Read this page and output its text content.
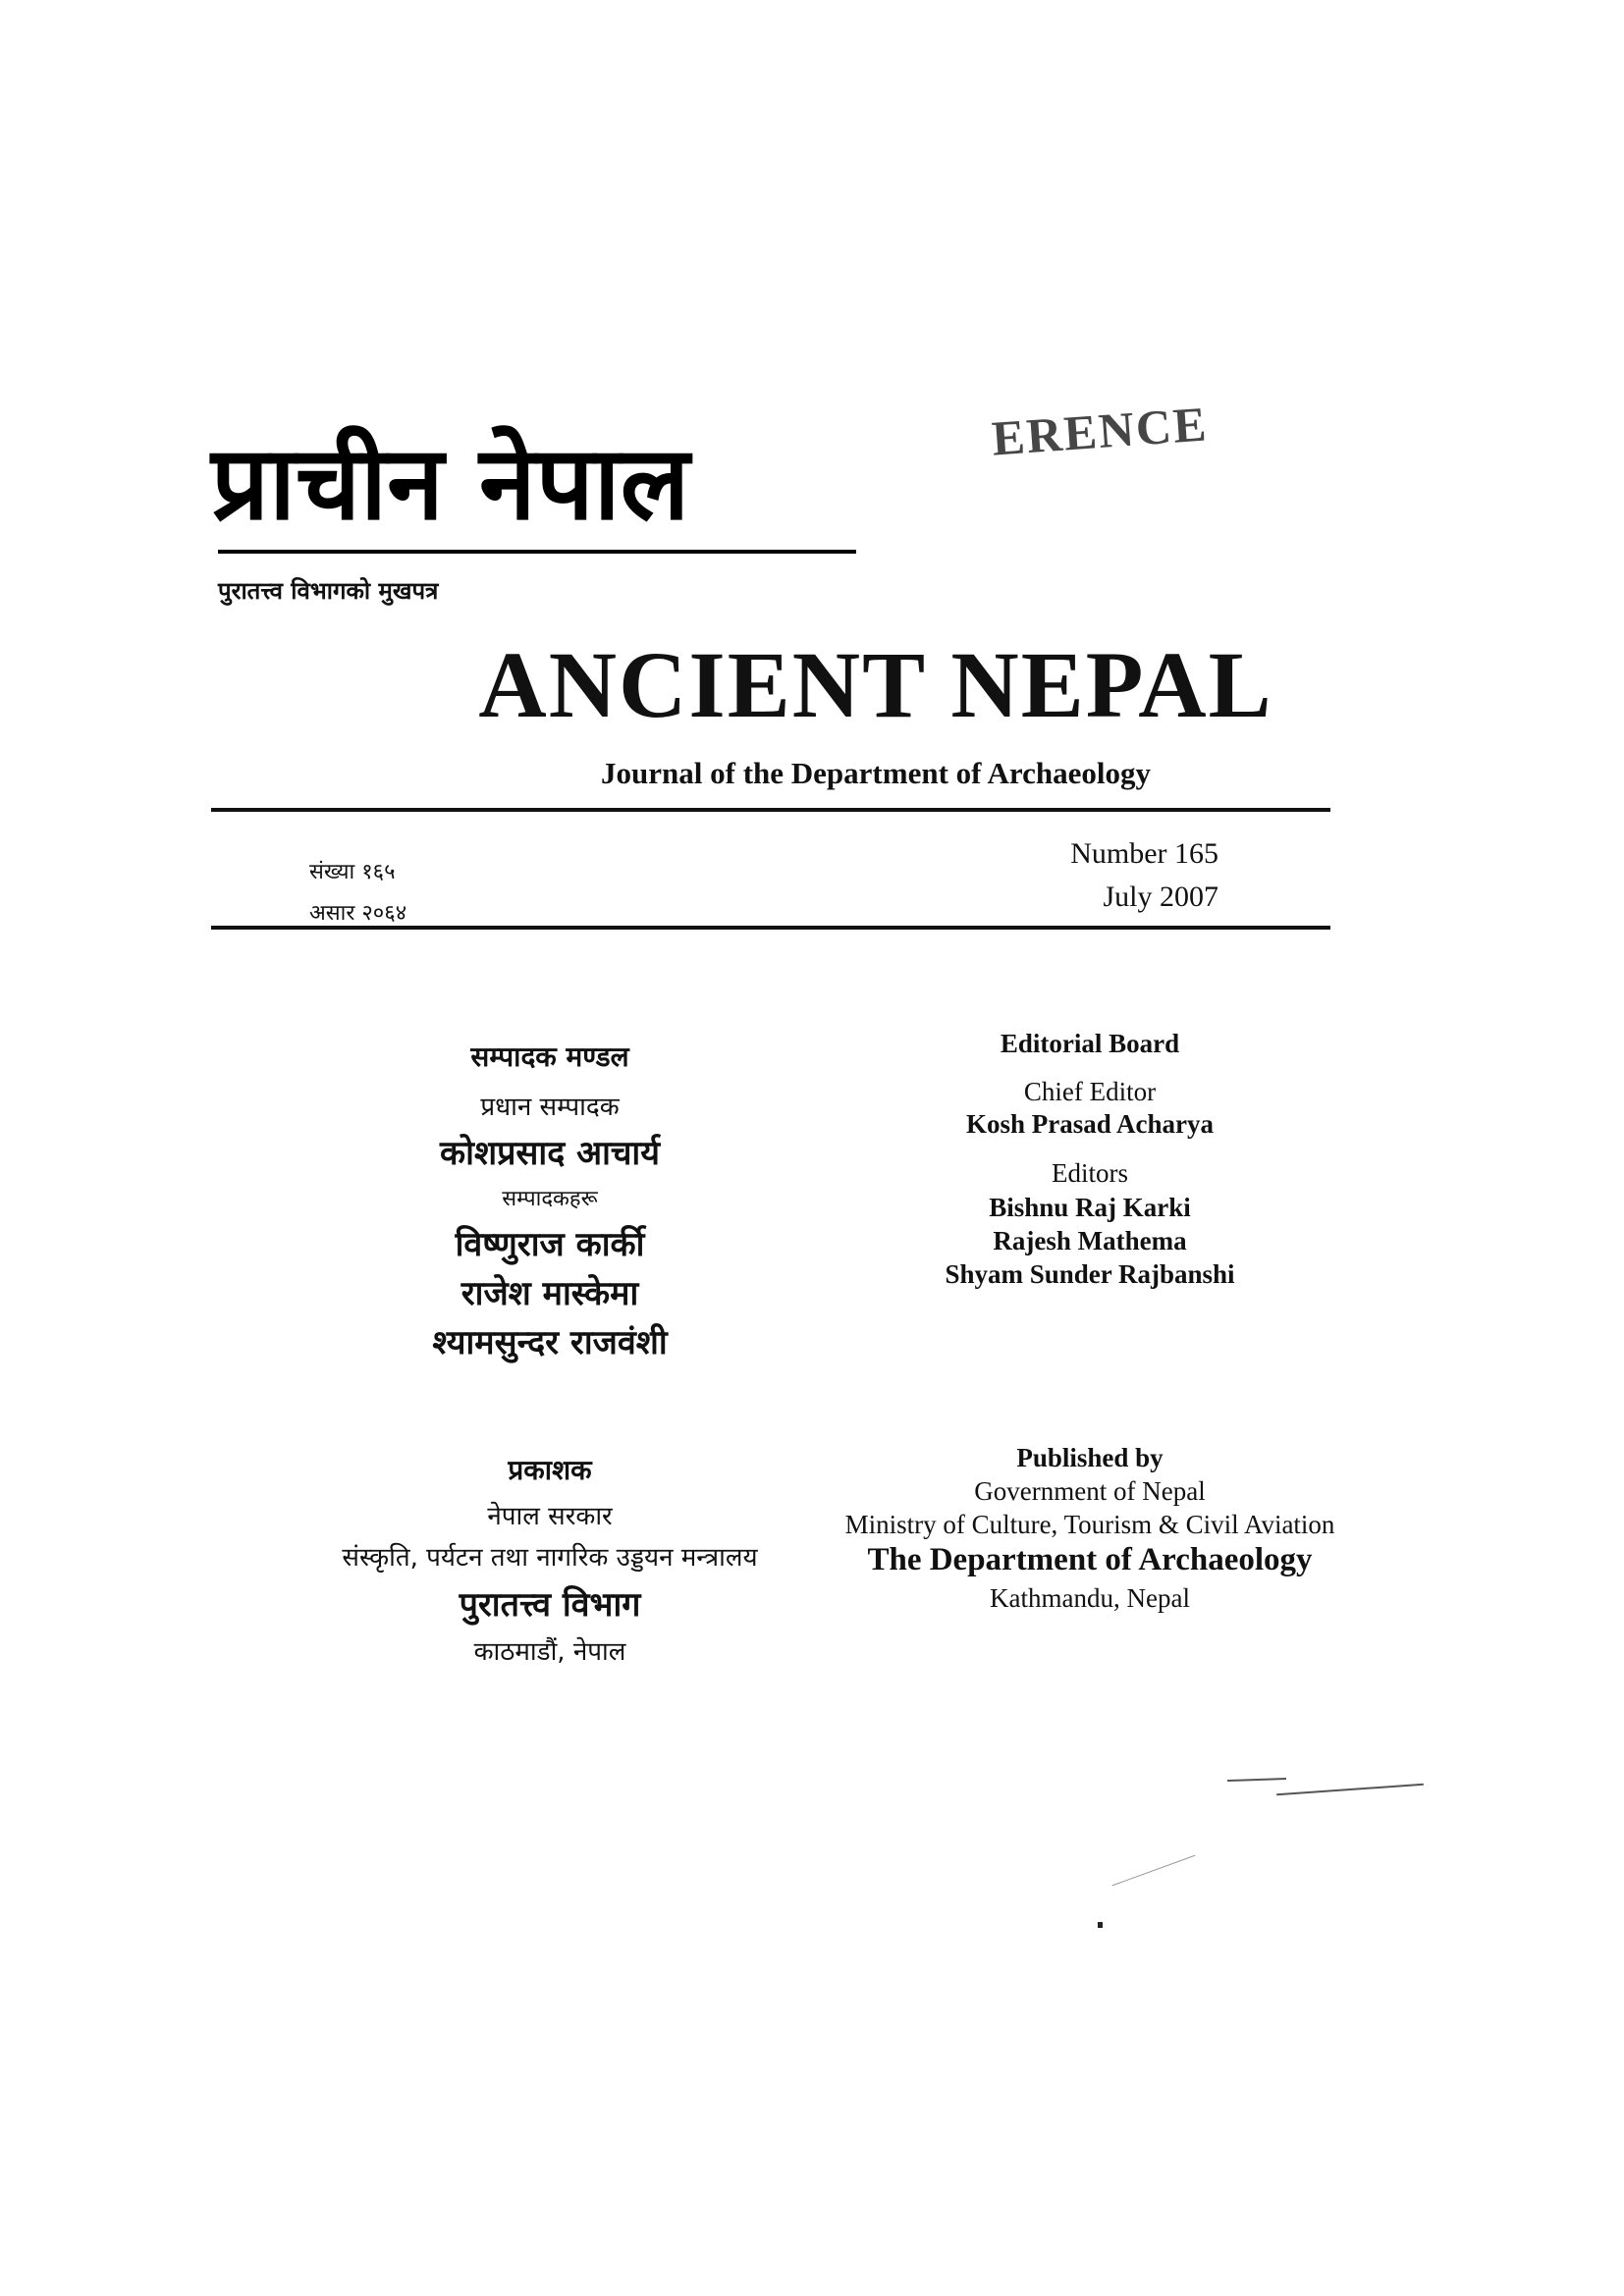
ERENCE
प्राचीन नेपाल
पुरातत्त्व विभागको मुखपत्र
ANCIENT NEPAL
Journal of the Department of Archaeology
संख्या १६५
असार २०६४
Number 165
July 2007
सम्पादक मण्डल
प्रधान सम्पादक
कोशप्रसाद आचार्य
सम्पादकहरू
विष्णुराज कार्की
राजेश मास्केमा
श्यामसुन्दर राजवंशी
Editorial Board
Chief Editor
Kosh Prasad Acharya
Editors
Bishnu Raj Karki
Rajesh Mathema
Shyam Sunder Rajbanshi
प्रकाशक
नेपाल सरकार
संस्कृति, पर्यटन तथा नागरिक उड्डयन मन्त्रालय
पुरातत्त्व विभाग
काठमाडौं, नेपाल
Published by
Government of Nepal
Ministry of Culture, Tourism & Civil Aviation
The Department of Archaeology
Kathmandu, Nepal
